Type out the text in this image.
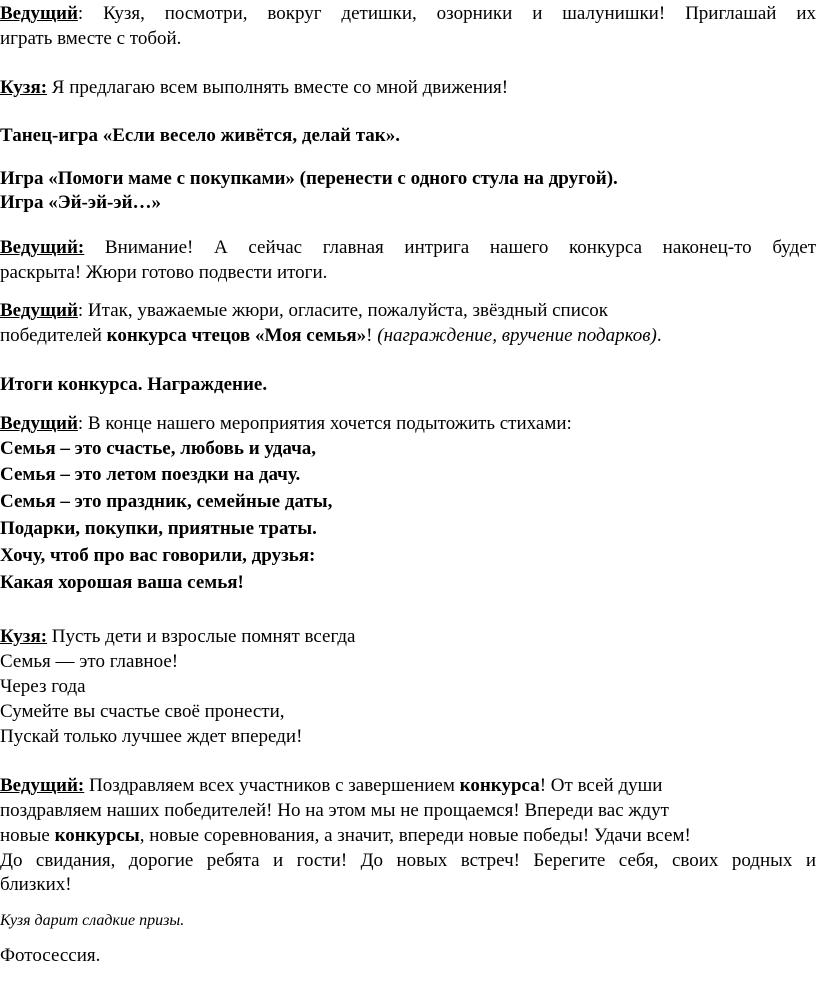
Ведущий: Кузя, посмотри, вокруг детишки, озорники и шалунишки! Приглашай их
играть вместе с тобой.
Кузя: Я предлагаю всем выполнять вместе со мной движения!
Танец-игра «Если весело живётся, делай так».
Игра «Помоги маме с покупками» (перенести с одного стула на другой).
Игра «Эй-эй-эй…»
Ведущий: Внимание! А сейчас главная интрига нашего конкурса наконец-то будет
раскрыта! Жюри готово подвести итоги.
Ведущий: Итак, уважаемые жюри, огласите, пожалуйста, звёздный список
победителей конкурса чтецов «Моя семья»! (награждение, вручение подарков).
Итоги конкурса. Награждение.
Ведущий: В конце нашего мероприятия хочется подытожить стихами:
Семья – это счастье, любовь и удача,
Семья – это летом поездки на дачу.
Семья – это праздник, семейные даты,
Подарки, покупки, приятные траты.
Хочу, чтоб про вас говорили, друзья:
Какая хорошая ваша семья!
Кузя: Пусть дети и взрослые помнят всегда
Семья — это главное!
Через года
Сумейте вы счастье своё пронести,
Пускай только лучшее ждет впереди!
Ведущий: Поздравляем всех участников с завершением конкурса! От всей души
поздравляем наших победителей! Но на этом мы не прощаемся! Впереди вас ждут
новые конкурсы, новые соревнования, а значит, впереди новые победы! Удачи всем!
До свидания, дорогие ребята и гости! До новых встреч! Берегите себя, своих родных и
близких!
Кузя дарит сладкие призы.
Фотосессия.
